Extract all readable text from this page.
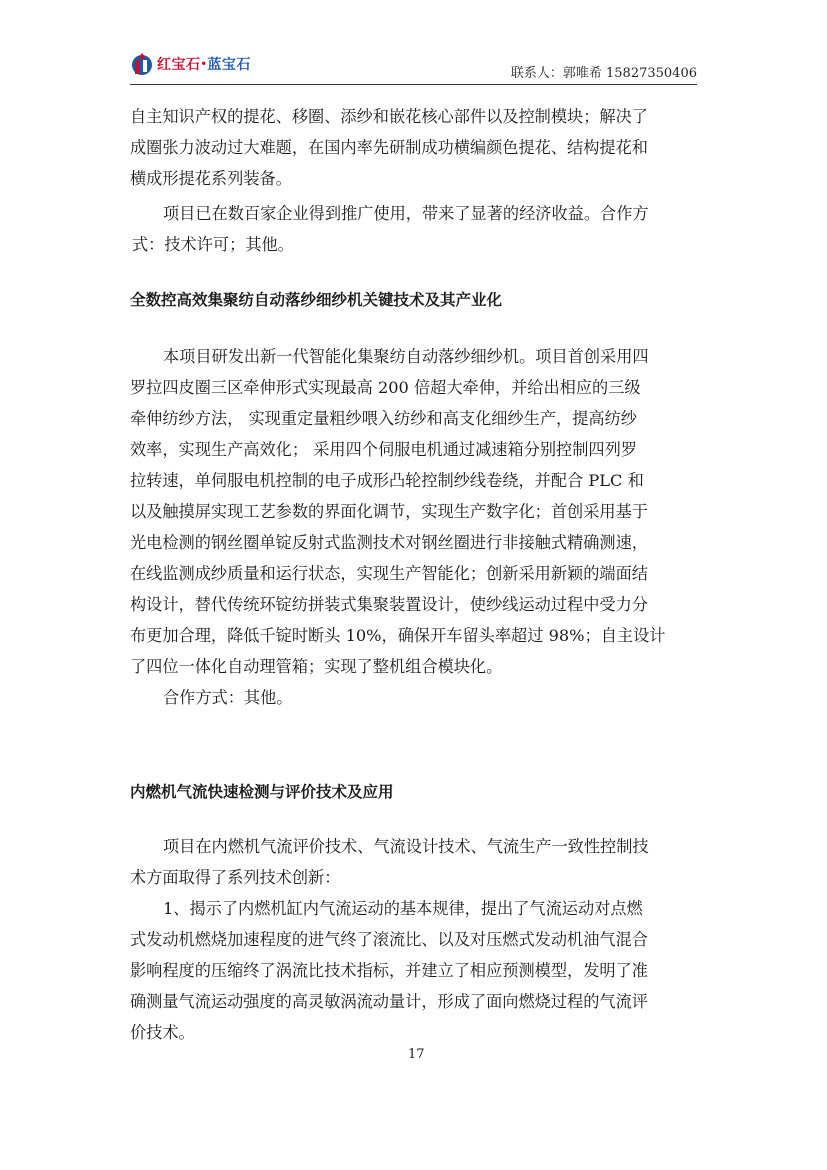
红宝石•蓝宝石
联系人：郭唯希 15827350406
自主知识产权的提花、移圈、添纱和嵌花核心部件以及控制模块；解决了
成圈张力波动过大难题，在国内率先研制成功横编颜色提花、结构提花和
横成形提花系列装备。
项目已在数百家企业得到推广使用，带来了显著的经济收益。合作方
式：技术许可；其他。
全数控高效集聚纺自动落纱细纱机关键技术及其产业化
本项目研发出新一代智能化集聚纺自动落纱细纱机。项目首创采用四
罗拉四皮圈三区牵伸形式实现最高 200 倍超大牵伸，并给出相应的三级
牵伸纺纱方法， 实现重定量粗纱喂入纺纱和高支化细纱生产，提高纺纱
效率，实现生产高效化； 采用四个伺服电机通过减速箱分别控制四列罗
拉转速，单伺服电机控制的电子成形凸轮控制纱线卷绕，并配合 PLC 和
以及触摸屏实现工艺参数的界面化调节，实现生产数字化；首创采用基于
光电检测的钢丝圈单锭反射式监测技术对钢丝圈进行非接触式精确测速，
在线监测成纱质量和运行状态，实现生产智能化；创新采用新颖的端面结
构设计，替代传统环锭纺拼装式集聚装置设计，使纱线运动过程中受力分
布更加合理，降低千锭时断头 10%，确保开车留头率超过 98%；自主设计
了四位一体化自动理管箱；实现了整机组合模块化。
合作方式：其他。
内燃机气流快速检测与评价技术及应用
项目在内燃机气流评价技术、气流设计技术、气流生产一致性控制技
术方面取得了系列技术创新：
1、揭示了内燃机缸内气流运动的基本规律，提出了气流运动对点燃
式发动机燃烧加速程度的进气终了滚流比、以及对压燃式发动机油气混合
影响程度的压缩终了涡流比技术指标，并建立了相应预测模型，发明了准
确测量气流运动强度的高灵敏涡流动量计，形成了面向燃烧过程的气流评
价技术。
17
